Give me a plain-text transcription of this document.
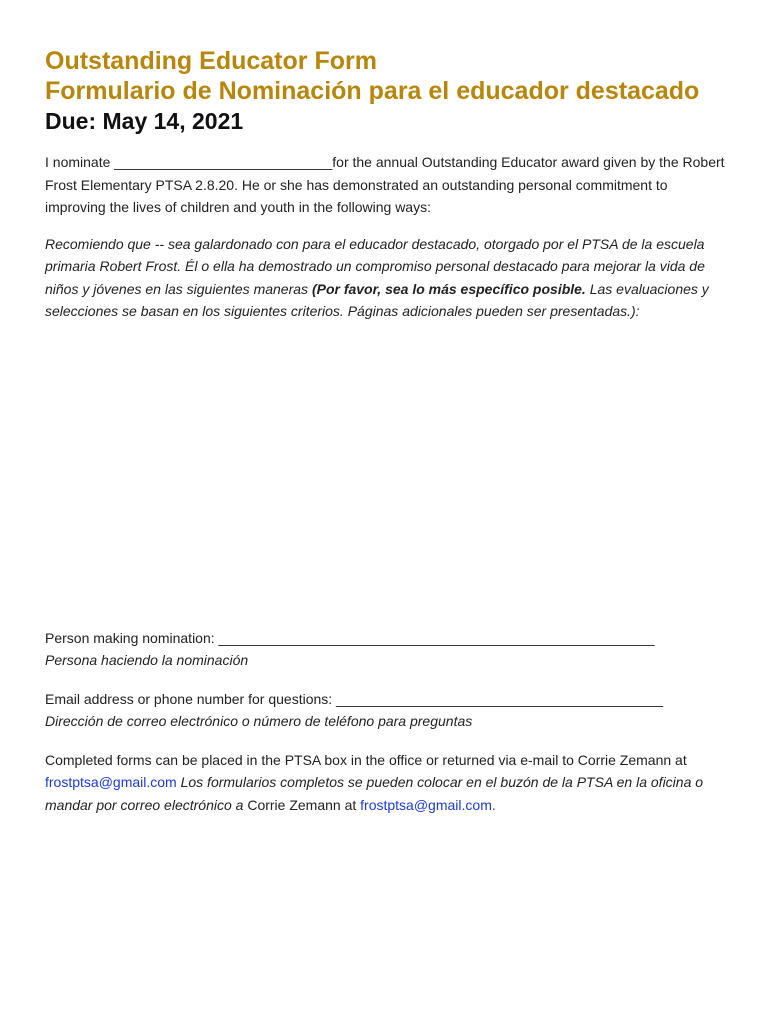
Outstanding Educator Form
Formulario de Nominación para el educador destacado
Due: May 14, 2021

I nominate ____________________________for the annual Outstanding Educator award given by the Robert Frost Elementary PTSA 2.8.20. He or she has demonstrated an outstanding personal commitment to improving the lives of children and youth in the following ways:

Recomiendo que -- sea galardonado con para el educador destacado, otorgado por el PTSA de la escuela primaria Robert Frost. Él o ella ha demostrado un compromiso personal destacado para mejorar la vida de niños y jóvenes en las siguientes maneras (Por favor, sea lo más específico posible. Las evaluaciones y selecciones se basan en los siguientes criterios. Páginas adicionales pueden ser presentadas.):

Person making nomination: ________________________________________________________

Persona haciendo la nominación

Email address or phone number for questions: __________________________________________

Dirección de correo electrónico o número de teléfono para preguntas

Completed forms can be placed in the PTSA box in the office or returned via e-mail to Corrie Zemann at frostptsa@gmail.com Los formularios completos se pueden colocar en el buzón de la PTSA en la oficina o mandar por correo electrónico a Corrie Zemann at frostptsa@gmail.com.
